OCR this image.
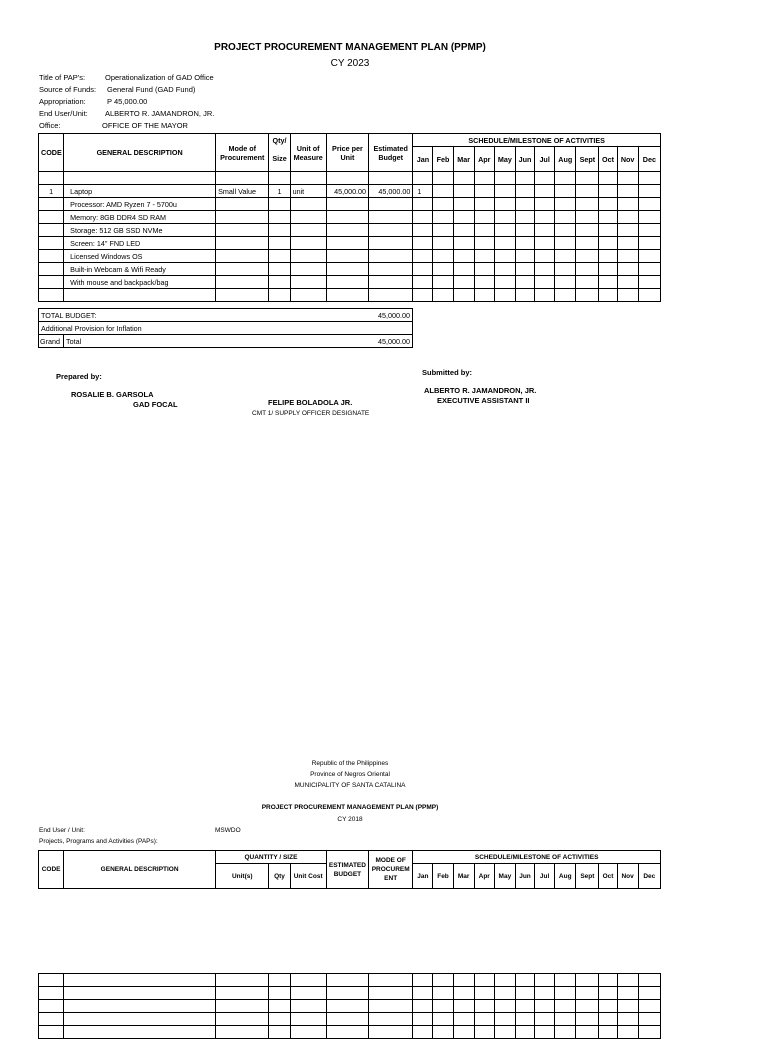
PROJECT PROCUREMENT MANAGEMENT PLAN (PPMP)
CY 2023
Title of PAP's:	Operationalization of GAD Office
Source of Funds: General Fund (GAD Fund)
Appropriation:	P 45,000.00
End User/Unit: ALBERTO R. JAMANDRON, JR.
Office:	OFFICE OF THE MAYOR
CODE	GENERAL DESCRIPTION	Mode of Procurement	Qty/	Unit of Measure	Price per Unit	Estimated Budget	SCHEDULE/MILESTONE OF ACTIVITIES											
			Size				Jan	Feb	Mar	Apr	May	Jun	Jul	Aug	Sept	Oct	Nov	Dec

1	Laptop	Small Value	1	unit	45,000.00	45,000.00	1											
	Processor: AMD Ryzen 7 - 5700u																	
	Memory: 8GB DDR4 SD RAM																	
	Storage: 512 GB SSD NVMe																	
	Screen: 14" FND LED																	
	Licensed Windows OS																	
	Built-in Webcam & Wifi Ready																	
	With mouse and backpack/bag																	

TOTAL BUDGET:		45,000.00
Additional Provision for Inflation		
Grand	Total	45,000.00
Prepared by:
ROSALIE B. GARSOLA
GAD FOCAL	FELIPE BOLADOLA JR.
CMT 1/ SUPPLY OFFICER DESIGNATE
Submitted by:
ALBERTO R. JAMANDRON, JR.
EXECUTIVE ASSISTANT II
Republic of the Philippines
Province of Negros Oriental
MUNICIPALITY OF SANTA CATALINA
PROJECT PROCUREMENT MANAGEMENT PLAN (PPMP)
CY 2018
End User / Unit:	MSWDO
Projects, Programs and Activities (PAPs):
CODE	GENERAL DESCRIPTION	QUANTITY / SIZE			ESTIMATED BUDGET	MODE OF PROCUREM ENT	SCHEDULE/MILESTONE OF ACTIVITIES											
		Unit(s)	Qty	Unit Cost			Jan	Feb	Mar	Apr	May	Jun	Jul	Aug	Sept	Oct	Nov	Dec
